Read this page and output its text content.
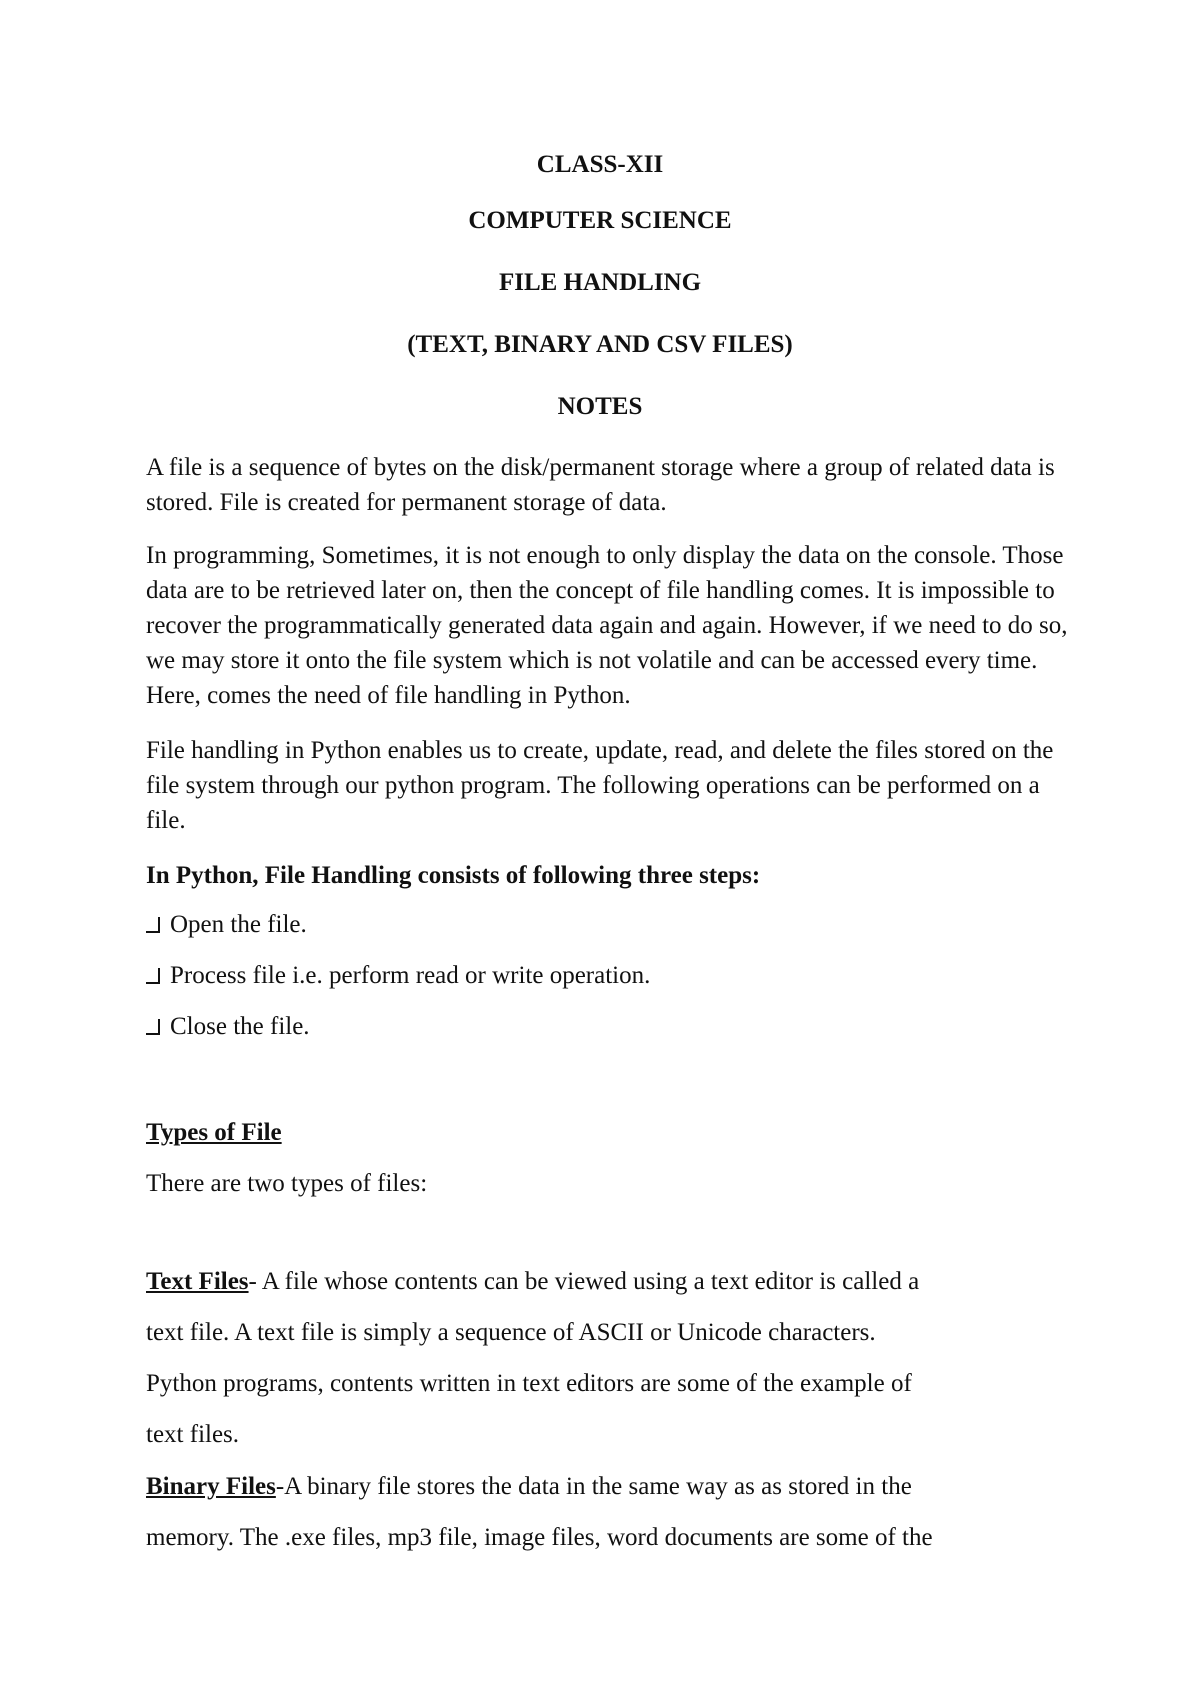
CLASS-XII
COMPUTER SCIENCE
FILE HANDLING
(TEXT, BINARY AND CSV FILES)
NOTES
A file is a sequence of bytes on the disk/permanent storage where a group of related data is
stored. File is created for permanent storage of data.
In programming, Sometimes, it is not enough to only display the data on the console. Those
data are to be retrieved later on, then the concept of file handling comes. It is impossible to
recover the programmatically generated data again and again. However, if we need to do so,
we may store it onto the file system which is not volatile and can be accessed every time.
Here, comes the need of file handling in Python.
File handling in Python enables us to create, update, read, and delete the files stored on the
file system through our python program. The following operations can be performed on a
file.
In Python, File Handling consists of following three steps:
Open the file.
Process file i.e. perform read or write operation.
Close the file.
Types of File
There are two types of files:
Text Files- A file whose contents can be viewed using a text editor is called a
text file. A text file is simply a sequence of ASCII or Unicode characters.
Python programs, contents written in text editors are some of the example of
text files.
Binary Files-A binary file stores the data in the same way as as stored in the
memory. The .exe files, mp3 file, image files, word documents are some of the
